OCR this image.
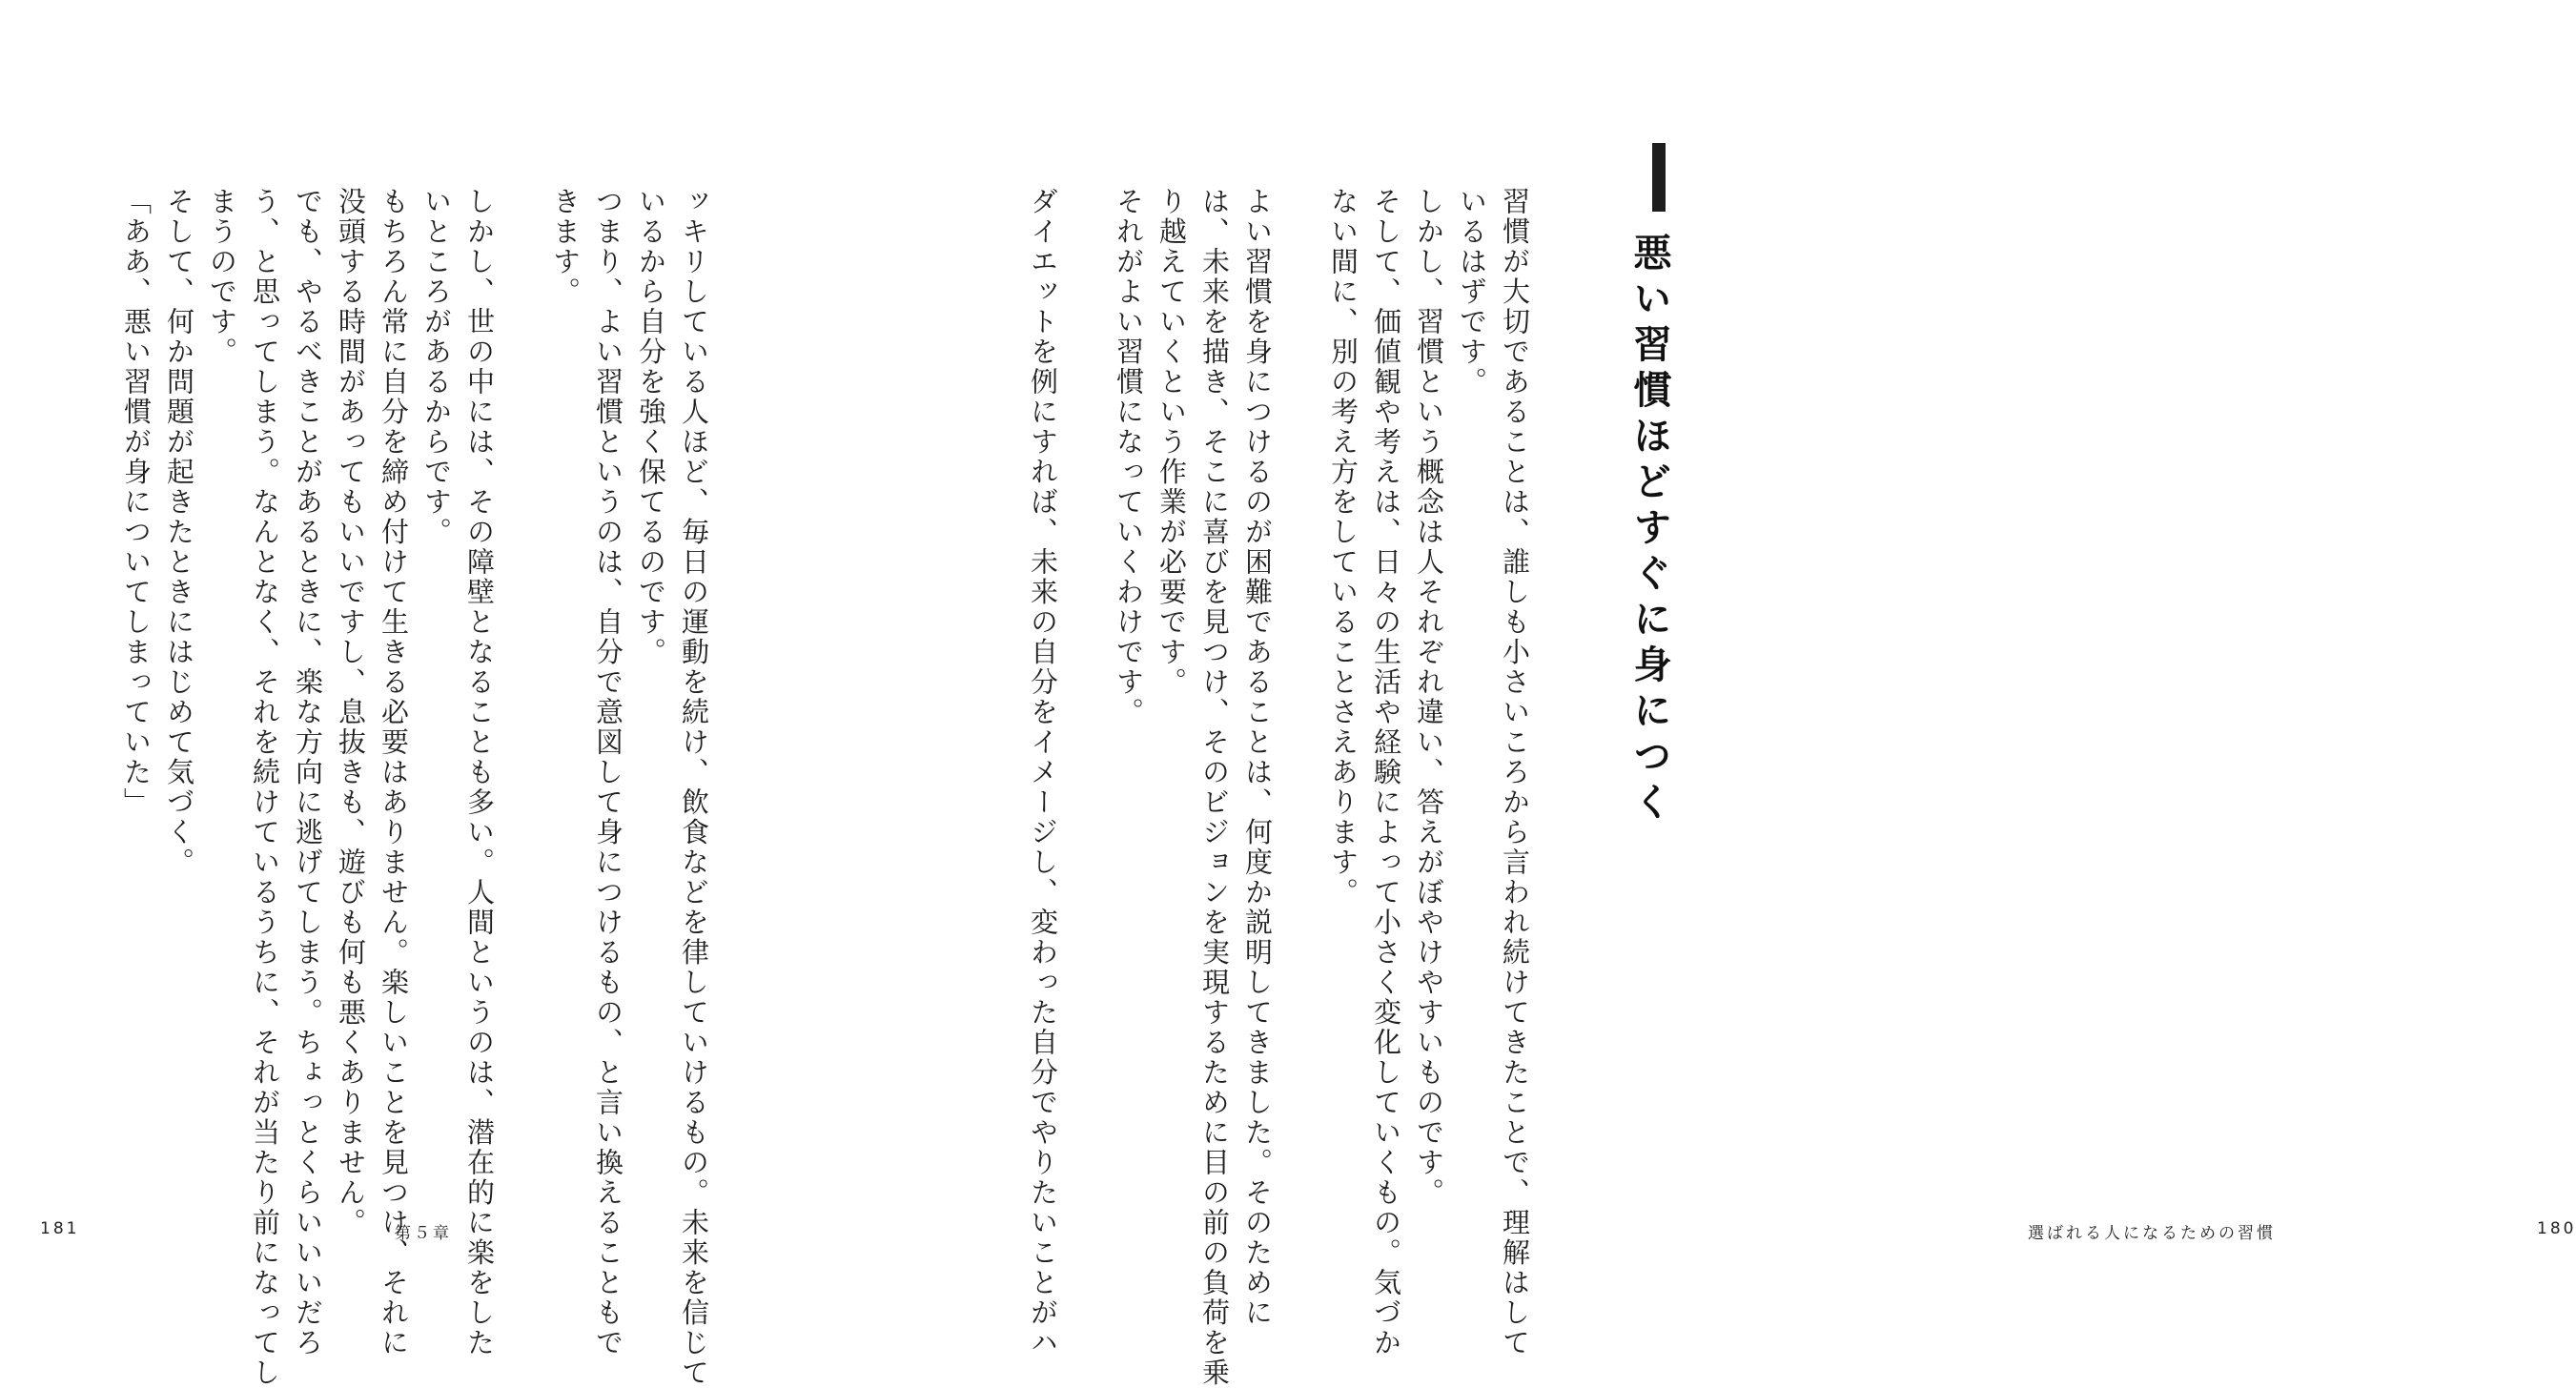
悪い習慣ほどすぐに身につく

習慣が大切であることは、誰しも小さいころから言われ続けてきたことで、理解はして

いるはずです。

しかし、習慣という概念は人それぞれ違い、答えがぼやけやすいものです。

そして、価値観や考えは、日々の生活や経験によって小さく変化していくもの。気づか

ない間に、別の考え方をしていることさえあります。

よい習慣を身につけるのが困難であることは、何度か説明してきました。そのために

は、未来を描き、そこに喜びを見つけ、そのビジョンを実現するために目の前の負荷を乗

り越えていくという作業が必要です。

それがよい習慣になっていくわけです。

ダイエットを例にすれば、未来の自分をイメージし、変わった自分でやりたいことがハ	選ばれる人になるための習慣	180

ッキリしている人ほど、毎日の運動を続け、飲食などを律していけるもの。未来を信じて

いるから自分を強く保てるのです。

つまり、よい習慣というのは、自分で意図して身につけるもの、と言い換えることもで

きます。

しかし、世の中には、その障壁となることも多い。人間というのは、潜在的に楽をした

いところがあるからです。

もちろん常に自分を締め付けて生きる必要はありません。楽しいことを見つけ、それに

没頭する時間があってもいいですし、息抜きも、遊びも何も悪くありません。

でも、やるべきことがあるときに、楽な方向に逃げてしまう。ちょっとくらいいいだろ

う、と思ってしまう。なんとなく、それを続けているうちに、それが当たり前になってし

まうのです。

そして、何か問題が起きたときにはじめて気づく。

「ああ、悪い習慣が身についてしまっていた」

181	第５章
